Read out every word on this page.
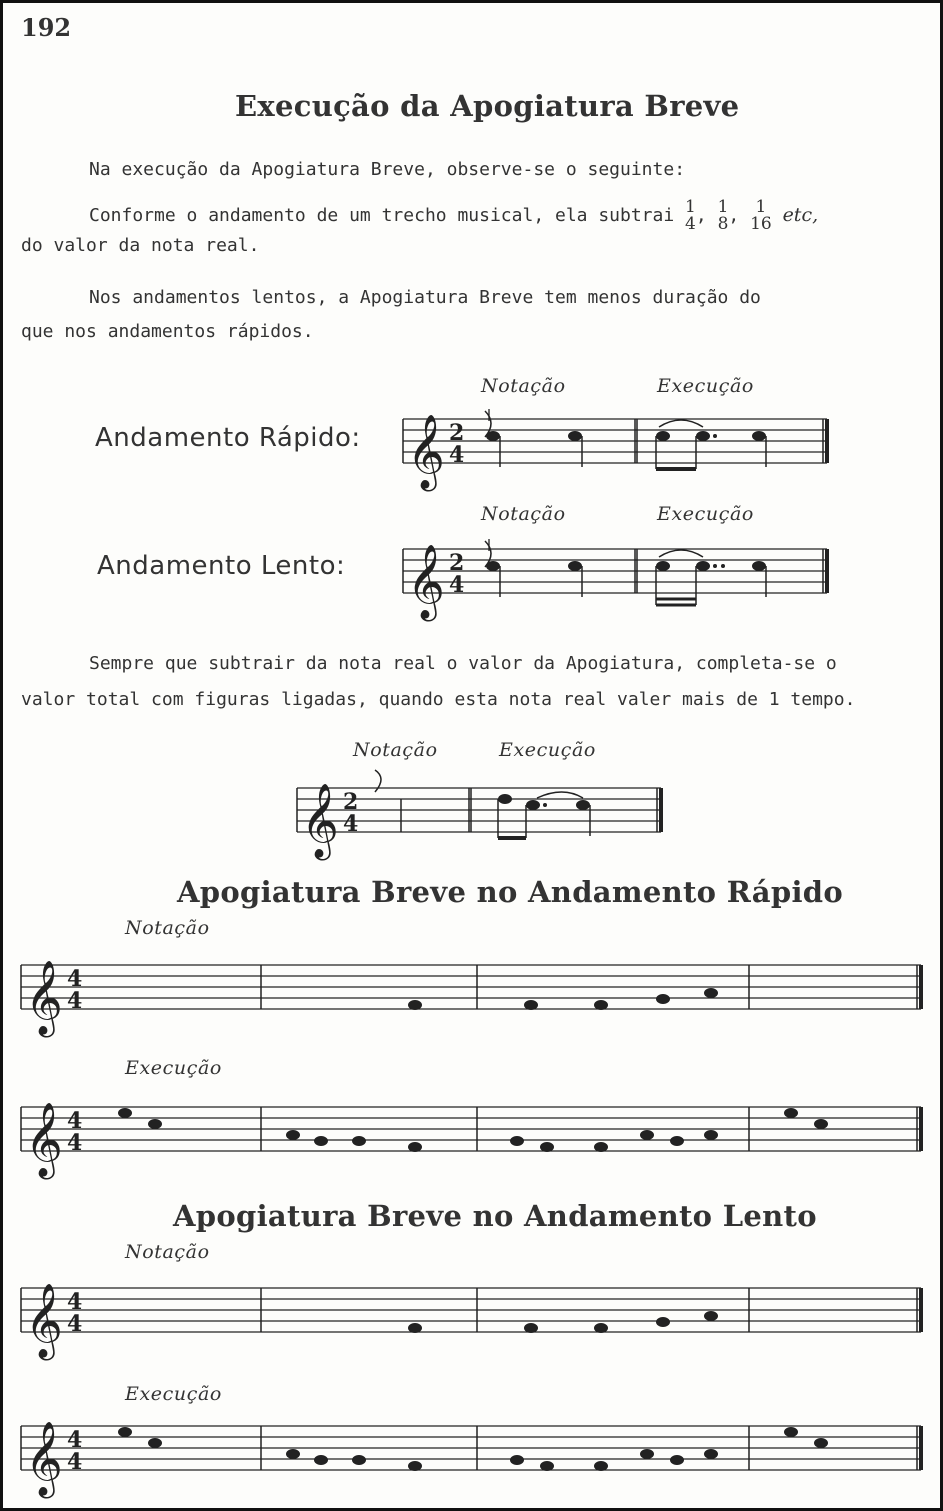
192
Execução da Apogiatura Breve
Na execução da Apogiatura Breve, observe-se o seguinte:
Conforme o andamento de um trecho musical, ela subtrai 1
4 , 1
8 , 1
16 etc,
do valor da nota real.
Nos andamentos lentos, a Apogiatura Breve tem menos duração do
que nos andamentos rápidos.
Notação	Execução
Andamento Rápido: 𝄞 2
4
Notação	Execução
Andamento Lento: 𝄞 2
4
Sempre que subtrair da nota real o valor da Apogiatura, completa-se o
valor total com figuras ligadas, quando esta nota real valer mais de 1 tempo.
Notação	Execução
𝄞 2
4
Apogiatura Breve no Andamento Rápido
Notação
𝄞 4
4
Execução
𝄞 4
4
Apogiatura Breve no Andamento Lento
Notação
𝄞 4
4
Execução
𝄞 4
4
